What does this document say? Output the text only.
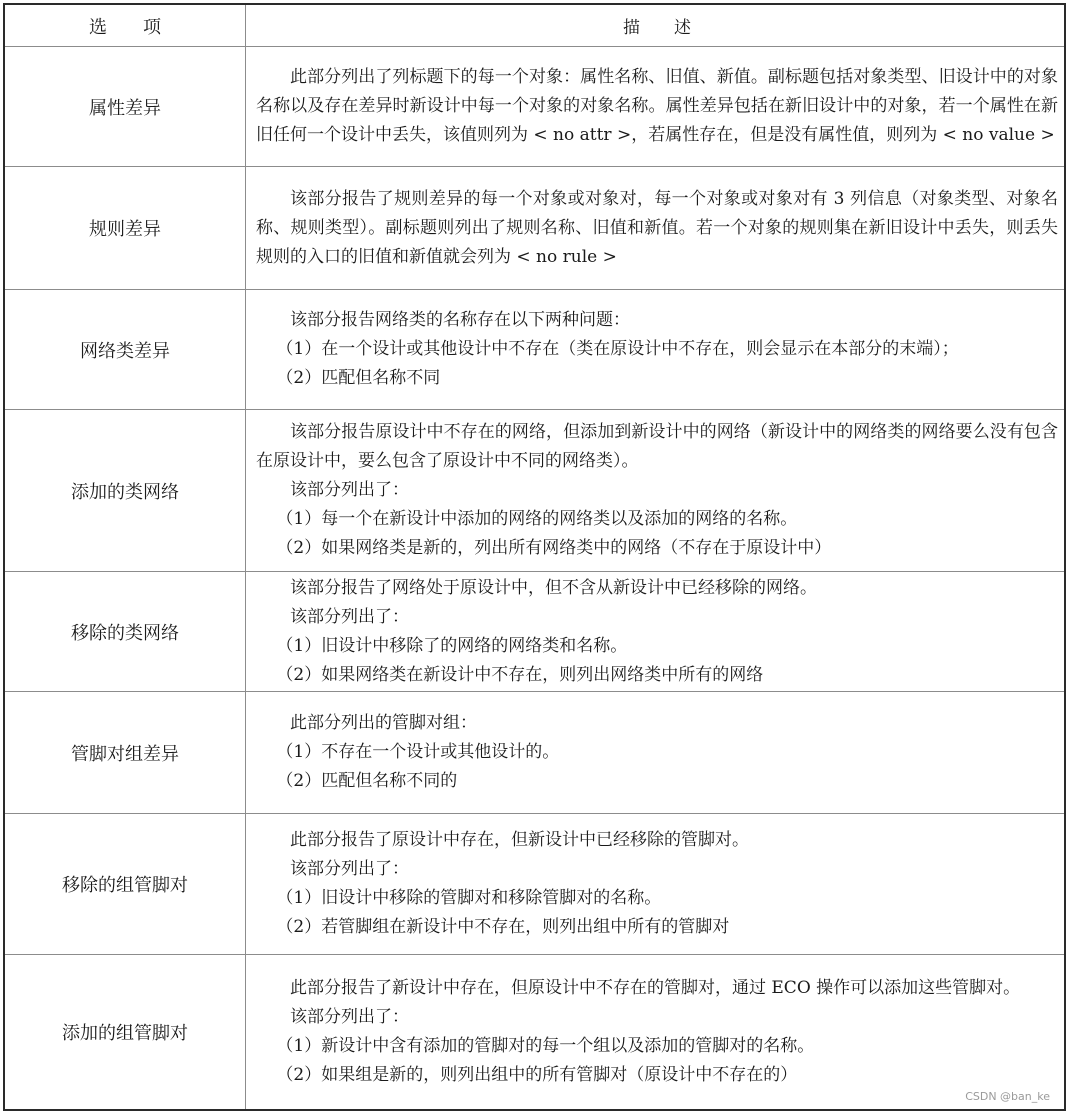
选　　项	描　　述
属性差异

此部分列出了列标题下的每一个对象：属性名称、旧值、新值。副标题包括对象类型、旧设计中的对象名称以及存在差异时新设计中每一个对象的对象名称。属性差异包括在新旧设计中的对象，若一个属性在新旧任何一个设计中丢失，该值则列为 < no attr >，若属性存在，但是没有属性值，则列为 < no value >

规则差异

该部分报告了规则差异的每一个对象或对象对，每一个对象或对象对有 3 列信息（对象类型、对象名称、规则类型）。副标题则列出了规则名称、旧值和新值。若一个对象的规则集在新旧设计中丢失，则丢失规则的入口的旧值和新值就会列为 < no rule >

网络类差异

该部分报告网络类的名称存在以下两种问题：

（1）在一个设计或其他设计中不存在（类在原设计中不存在，则会显示在本部分的末端）；

（2）匹配但名称不同

添加的类网络

该部分报告原设计中不存在的网络，但添加到新设计中的网络（新设计中的网络类的网络要么没有包含在原设计中，要么包含了原设计中不同的网络类）。

该部分列出了：

（1）每一个在新设计中添加的网络的网络类以及添加的网络的名称。

（2）如果网络类是新的，列出所有网络类中的网络（不存在于原设计中）

移除的类网络

该部分报告了网络处于原设计中，但不含从新设计中已经移除的网络。

该部分列出了：

（1）旧设计中移除了的网络的网络类和名称。

（2）如果网络类在新设计中不存在，则列出网络类中所有的网络

管脚对组差异

此部分列出的管脚对组：

（1）不存在一个设计或其他设计的。

（2）匹配但名称不同的

移除的组管脚对

此部分报告了原设计中存在，但新设计中已经移除的管脚对。

该部分列出了：

（1）旧设计中移除的管脚对和移除管脚对的名称。

（2）若管脚组在新设计中不存在，则列出组中所有的管脚对

添加的组管脚对

此部分报告了新设计中存在，但原设计中不存在的管脚对，通过 ECO 操作可以添加这些管脚对。

该部分列出了：

（1）新设计中含有添加的管脚对的每一个组以及添加的管脚对的名称。

（2）如果组是新的，则列出组中的所有管脚对（原设计中不存在的）

CSDN @ban_ke
